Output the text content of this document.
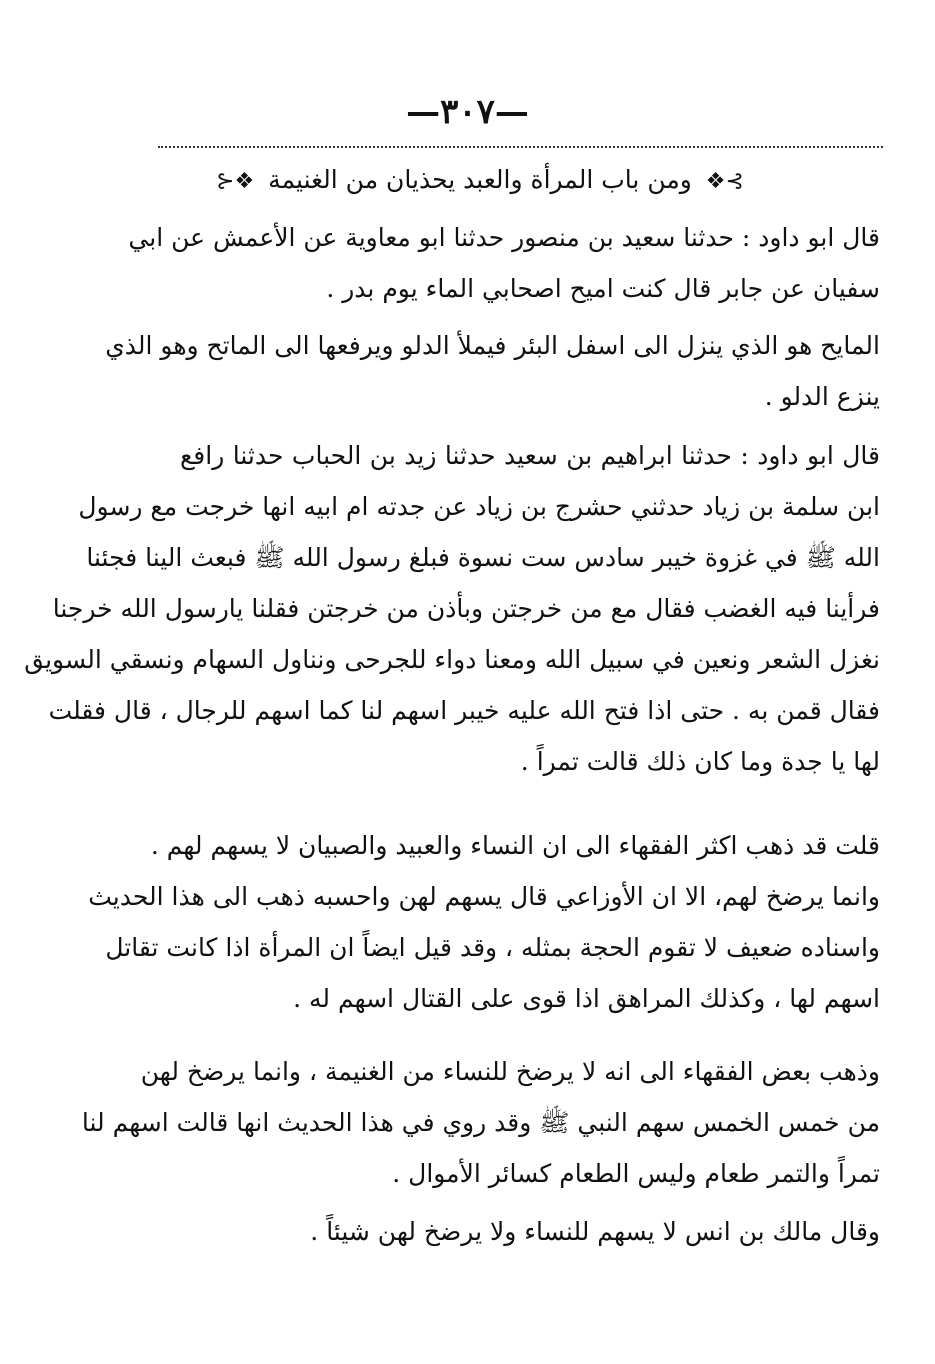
—٣٠٧—
⊱❖ ومن باب المرأة والعبد يحذيان من الغنيمة ❖⊰
قال ابو داود : حدثنا سعيد بن منصور حدثنا ابو معاوية عن الأعمش عن ابي
سفيان عن جابر قال كنت اميح اصحابي الماء يوم بدر .
المايح هو الذي ينزل الى اسفل البئر فيملأ الدلو ويرفعها الى الماتح وهو الذي
ينزع الدلو .
قال ابو داود : حدثنا ابراهيم بن سعيد حدثنا زيد بن الحباب حدثنا رافع
ابن سلمة بن زياد حدثني حشرج بن زياد عن جدته ام ابيه انها خرجت مع رسول
الله ﷺ في غزوة خيبر سادس ست نسوة فبلغ رسول الله ﷺ فبعث الينا فجئنا
فرأينا فيه الغضب فقال مع من خرجتن وبأذن من خرجتن فقلنا يارسول الله خرجنا
نغزل الشعر ونعين في سبيل الله ومعنا دواء للجرحى ونناول السهام ونسقي السويق
فقال قمن به . حتى اذا فتح الله عليه خيبر اسهم لنا كما اسهم للرجال ، قال فقلت
لها يا جدة وما كان ذلك قالت تمراً .
قلت قد ذهب اكثر الفقهاء الى ان النساء والعبيد والصبيان لا يسهم لهم .
وانما يرضخ لهم، الا ان الأوزاعي قال يسهم لهن واحسبه ذهب الى هذا الحديث
واسناده ضعيف لا تقوم الحجة بمثله ، وقد قيل ايضاً ان المرأة اذا كانت تقاتل
اسهم لها ، وكذلك المراهق اذا قوى على القتال اسهم له .
وذهب بعض الفقهاء الى انه لا يرضخ للنساء من الغنيمة ، وانما يرضخ لهن
من خمس الخمس سهم النبي ﷺ وقد روي في هذا الحديث انها قالت اسهم لنا
تمراً والتمر طعام وليس الطعام كسائر الأموال .
وقال مالك بن انس لا يسهم للنساء ولا يرضخ لهن شيئاً .
